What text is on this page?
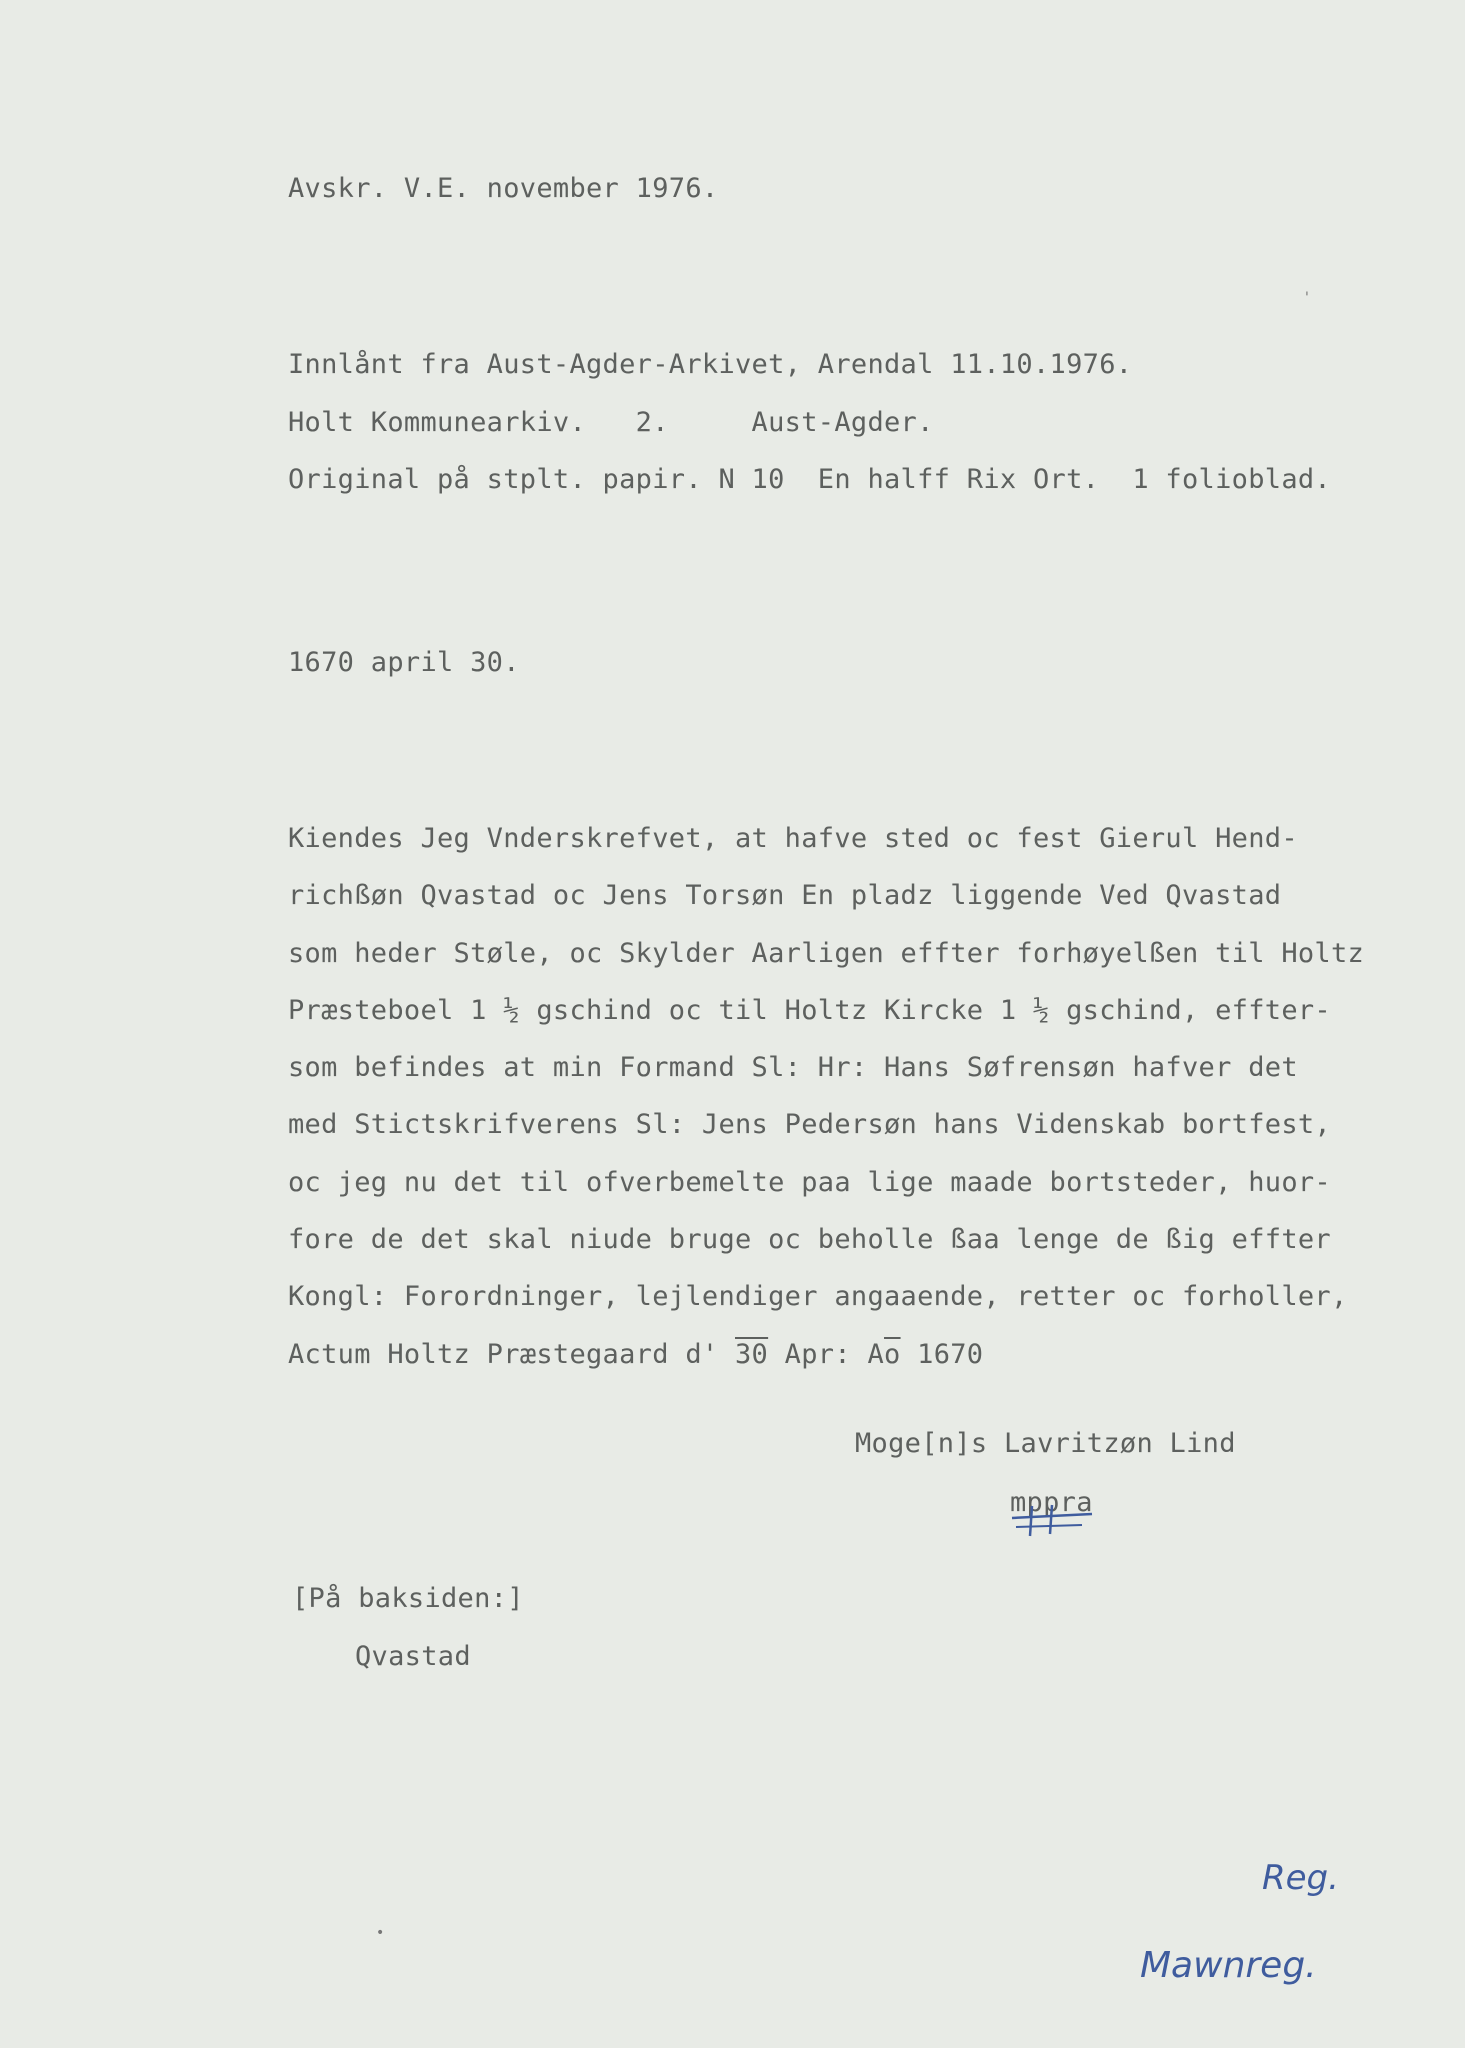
Avskr. V.E. november 1976.
Innlånt fra Aust-Agder-Arkivet, Arendal 11.10.1976.
Holt Kommunearkiv.   2.     Aust-Agder.
Original på stplt. papir. N 10  En halff Rix Ort.  1 folioblad.
1670 april 30.
Kiendes Jeg Vnderskrefvet, at hafve sted oc fest Gierul Hend-
richßøn Qvastad oc Jens Torsøn En pladz liggende Ved Qvastad
som heder Støle, oc Skylder Aarligen effter forhøyelßen til Holtz
Præsteboel 1 ½ gschind oc til Holtz Kircke 1 ½ gschind, effter-
som befindes at min Formand Sl: Hr: Hans Søfrensøn hafver det
med Stictskrifverens Sl: Jens Pedersøn hans Videnskab bortfest,
oc jeg nu det til ofverbemelte paa lige maade bortsteder, huor-
fore de det skal niude bruge oc beholle ßaa lenge de ßig effter
Kongl: Forordninger, lejlendiger angaaende, retter oc forholler,
Actum Holtz Præstegaard d' 30 Apr: $A\overline{o}$ 1670
Moge[n]s Lavritzøn Lind
mppra
[På baksiden:]
Qvastad
Reg.
Mawnreg.
•
'
